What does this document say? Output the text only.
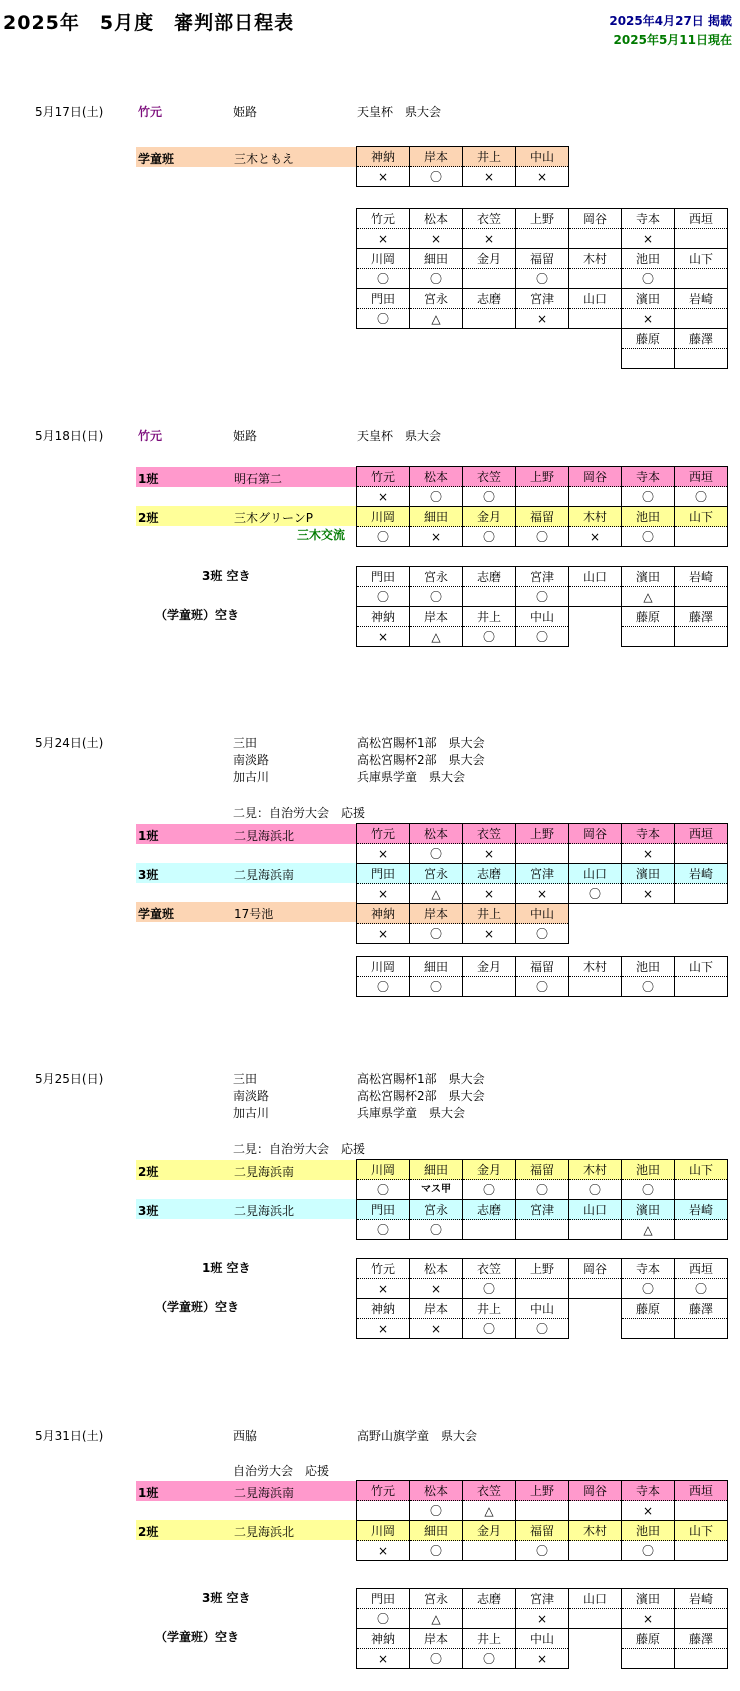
2025年　5月度　審判部日程表	2025年4月27日 掲載
2025年5月11日現在
5月17日(土)	竹元	姫路	天皇杯　県大会
学童班	三木ともえ	神納	岸本	井上	中山
×	〇	×	×
竹元	松本	衣笠	上野	岡谷	寺本	西垣
×	×	×			×	
川岡	細田	金月	福留	木村	池田	山下
〇	〇		〇		〇	
門田	宮永	志磨	宮津	山口	濱田	岩崎
〇	△		×		×	
					藤原	藤澤

5月18日(日)	竹元	姫路	天皇杯　県大会
1班	明石第二
2班	三木グリーンP
三木交流
竹元	松本	衣笠	上野	岡谷	寺本	西垣
×	〇	〇			〇	〇
川岡	細田	金月	福留	木村	池田	山下
〇	×	〇	〇	×	〇	
3班 空き
（学童班）空き
門田	宮永	志磨	宮津	山口	濱田	岩崎
〇	〇		〇		△	
神納	岸本	井上	中山		藤原	藤澤
×	△	〇	〇			
5月24日(土)	三田	高松宮賜杯1部　県大会
南淡路	高松宮賜杯2部　県大会
加古川	兵庫県学童　県大会
二見：自治労大会　応援
1班	二見海浜北
3班	二見海浜南
学童班	17号池
竹元	松本	衣笠	上野	岡谷	寺本	西垣
×	〇	×			×	
門田	宮永	志磨	宮津	山口	濱田	岩崎
×	△	×	×	〇	×	
神納	岸本	井上	中山			
×	〇	×	〇			
川岡	細田	金月	福留	木村	池田	山下
〇	〇		〇		〇	
5月25日(日)	三田	高松宮賜杯1部　県大会
南淡路	高松宮賜杯2部　県大会
加古川	兵庫県学童　県大会
二見：自治労大会　応援
2班	二見海浜南
3班	二見海浜北
川岡	細田	金月	福留	木村	池田	山下
〇	マス甲	〇	〇	〇	〇	
門田	宮永	志磨	宮津	山口	濱田	岩崎
〇	〇				△	
1班 空き
（学童班）空き
竹元	松本	衣笠	上野	岡谷	寺本	西垣
×	×	〇			〇	〇
神納	岸本	井上	中山		藤原	藤澤
×	×	〇	〇			
5月31日(土)	西脇	高野山旗学童　県大会
自治労大会　応援
1班	二見海浜南
2班	二見海浜北
竹元	松本	衣笠	上野	岡谷	寺本	西垣
	〇	△			×	
川岡	細田	金月	福留	木村	池田	山下
×	〇		〇		〇	
3班 空き
（学童班）空き
門田	宮永	志磨	宮津	山口	濱田	岩崎
〇	△		×		×	
神納	岸本	井上	中山		藤原	藤澤
×	〇	〇	×			
